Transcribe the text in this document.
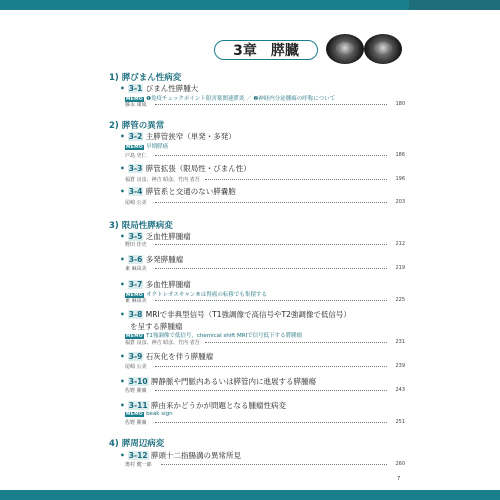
3章　膵臓
1) 膵びまん性病変
• 3-1 びまん性膵腫大
MEMO ❶免疫チェックポイント阻害薬関連膵炎 ／ ❷神経内分泌腫瘍の呼称について
藤永 康成	180
2) 膵管の異常
• 3-2 主膵管狭窄（単発・多発）
MEMO 早期膵癌
戸島 史仁	186
• 3-3 膵管拡張（限局性・びまん性）
福倉 良彦、神吉 昭彦、竹内 省吾	196
• 3-4 膵管系と交通のない膵嚢胞
尾崎 公美	203
3) 限局性膵病変
• 3-5 乏血性膵腫瘤
野田 佳史	212
• 3-6 多発膵腫瘤
東 麻由美	219
• 3-7 多血性膵腫瘤
MEMO オクトレオスキャン®は腎癌の転移でも集積する
東 麻由美	225
• 3-8 MRIで非典型信号（T1強調像で高信号やT2強調像で低信号）
を呈する膵腫瘤
MEMO T1強調像で低信号，chemical shift MRIで信号低下する膵腫瘤
福倉 良彦、神吉 昭彦、竹内 省吾	231
• 3-9 石灰化を伴う膵腫瘤
尾崎 公美	239
• 3-10 脾静脈や門脈内あるいは膵管内に進展する膵腫瘍
佐野 勝廣	243
• 3-11 膵由来かどうかが問題となる腫瘤性病変
MEMO beak sign
佐野 勝廣	251
4) 膵周辺病変
• 3-12 膵頭十二指腸溝の異常所見
奥村 健一郎	260
7
